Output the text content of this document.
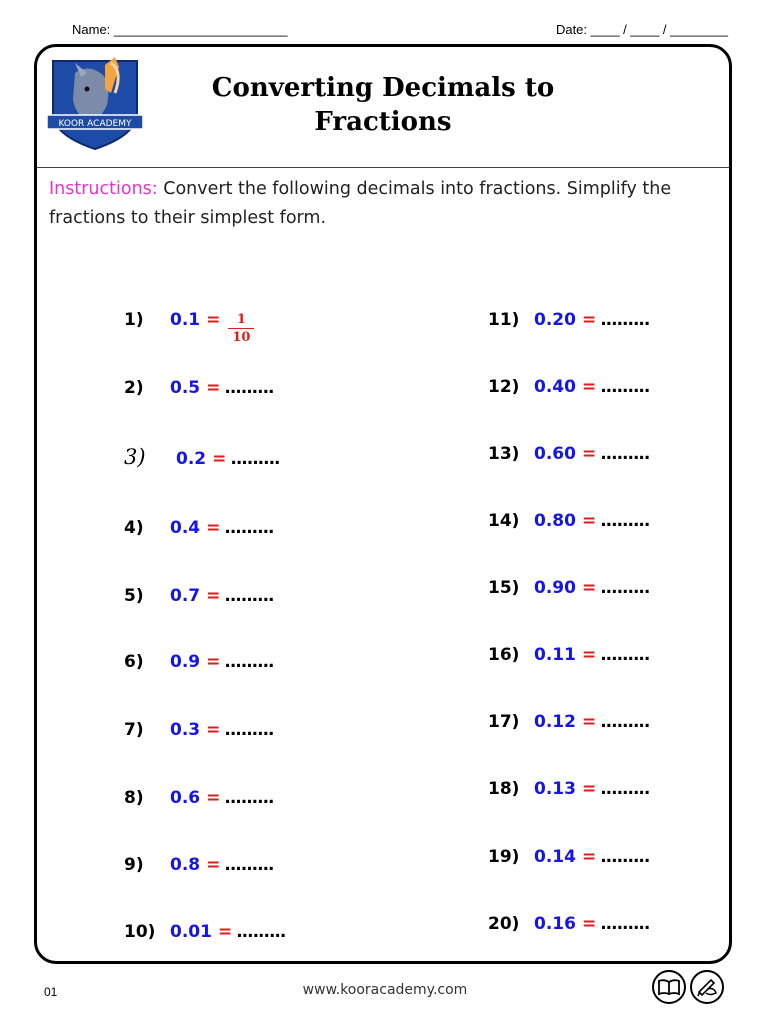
Name: ________________________	Date: ____ / ____ / ________
KOOR ACADEMY
Converting Decimals to
Fractions
Instructions: Convert the following decimals into fractions. Simplify the fractions to their simplest form.
1)	$0.1 = \frac{1}{10}$
2)	0.5 = .........
3)	0.2 = .........
4)	0.4 = .........
5)	0.7 = .........
6)	0.9 = .........
7)	0.3 = .........
8)	0.6 = .........
9)	0.8 = .........
10) 0.01 = .........
11) 0.20 = .........
12) 0.40 = .........
13) 0.60 = .........
14) 0.80 = .........
15) 0.90 = .........
16) 0.11 = .........
17) 0.12 = .........
18) 0.13 = .........
19) 0.14 = .........
20) 0.16 = .........
01	www.kooracademy.com
